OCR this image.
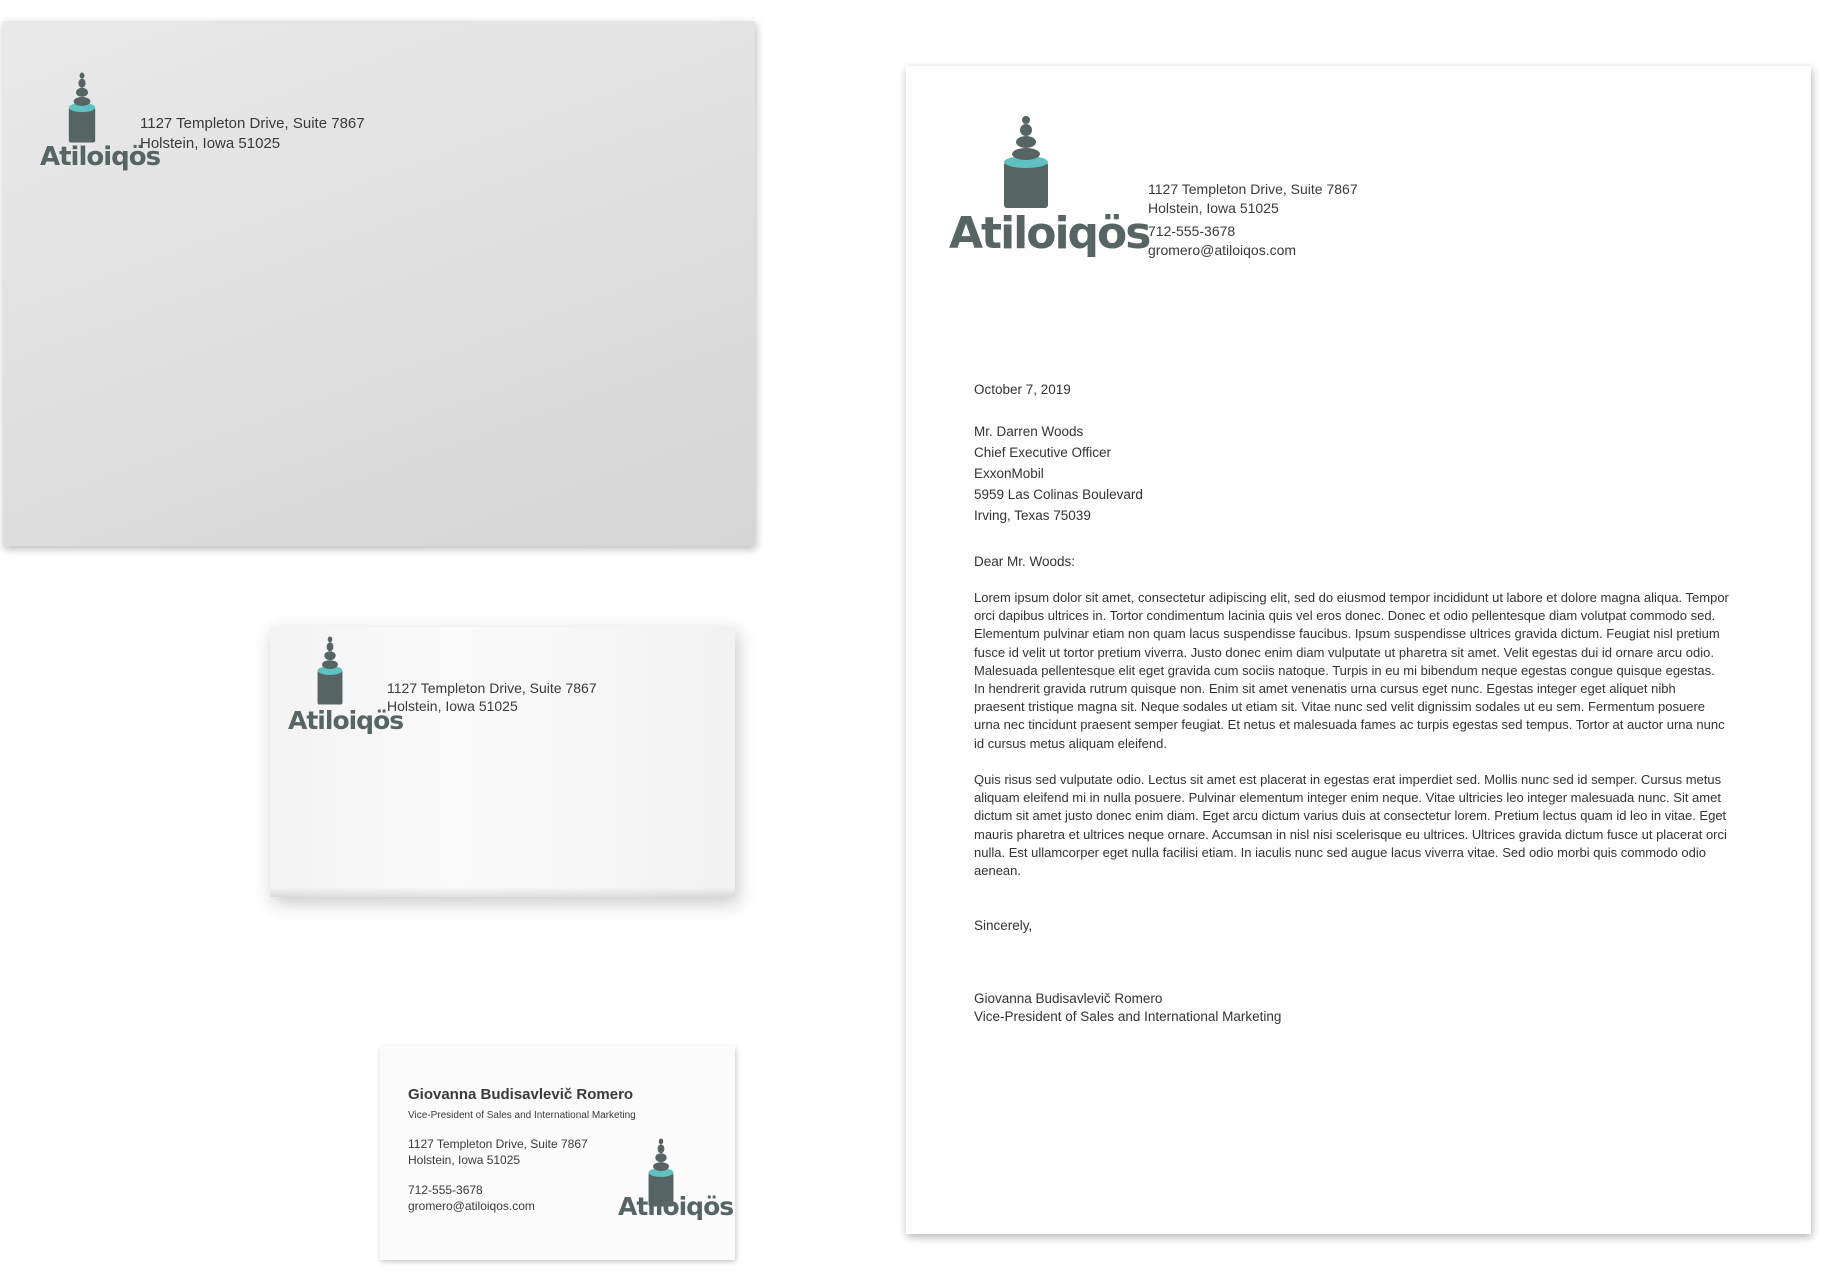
Atiloiqös
1127 Templeton Drive, Suite 7867
Holstein, Iowa 51025
Atiloiqös
1127 Templeton Drive, Suite 7867
Holstein, Iowa 51025
Giovanna Budisavlevič Romero
Vice-President of Sales and International Marketing
1127 Templeton Drive, Suite 7867
Holstein, Iowa 51025
712-555-3678
gromero@atiloiqos.com	Atiloiqös
Atiloiqös
1127 Templeton Drive, Suite 7867
Holstein, Iowa 51025
712-555-3678
gromero@atiloiqos.com
October 7, 2019
Mr. Darren Woods
Chief Executive Officer
ExxonMobil
5959 Las Colinas Boulevard
Irving, Texas 75039
Dear Mr. Woods:
Lorem ipsum dolor sit amet, consectetur adipiscing elit, sed do eiusmod tempor incididunt ut labore et dolore magna aliqua. Tempor orci dapibus ultrices in. Tortor condimentum lacinia quis vel eros donec. Donec et odio pellentesque diam volutpat commodo sed. Elementum pulvinar etiam non quam lacus suspendisse faucibus. Ipsum suspendisse ultrices gravida dictum. Feugiat nisl pretium fusce id velit ut tortor pretium viverra. Justo donec enim diam vulputate ut pharetra sit amet. Velit egestas dui id ornare arcu odio. Malesuada pellentesque elit eget gravida cum sociis natoque. Turpis in eu mi bibendum neque egestas congue quisque egestas. In hendrerit gravida rutrum quisque non. Enim sit amet venenatis urna cursus eget nunc. Egestas integer eget aliquet nibh praesent tristique magna sit. Neque sodales ut etiam sit. Vitae nunc sed velit dignissim sodales ut eu sem. Fermentum posuere urna nec tincidunt praesent semper feugiat. Et netus et malesuada fames ac turpis egestas sed tempus. Tortor at auctor urna nunc id cursus metus aliquam eleifend.
Quis risus sed vulputate odio. Lectus sit amet est placerat in egestas erat imperdiet sed. Mollis nunc sed id semper. Cursus metus aliquam eleifend mi in nulla posuere. Pulvinar elementum integer enim neque. Vitae ultricies leo integer malesuada nunc. Sit amet dictum sit amet justo donec enim diam. Eget arcu dictum varius duis at consectetur lorem. Pretium lectus quam id leo in vitae. Eget mauris pharetra et ultrices neque ornare. Accumsan in nisl nisi scelerisque eu ultrices. Ultrices gravida dictum fusce ut placerat orci nulla. Est ullamcorper eget nulla facilisi etiam. In iaculis nunc sed augue lacus viverra vitae. Sed odio morbi quis commodo odio aenean.
Sincerely,
Giovanna Budisavlevič Romero
Vice-President of Sales and International Marketing
